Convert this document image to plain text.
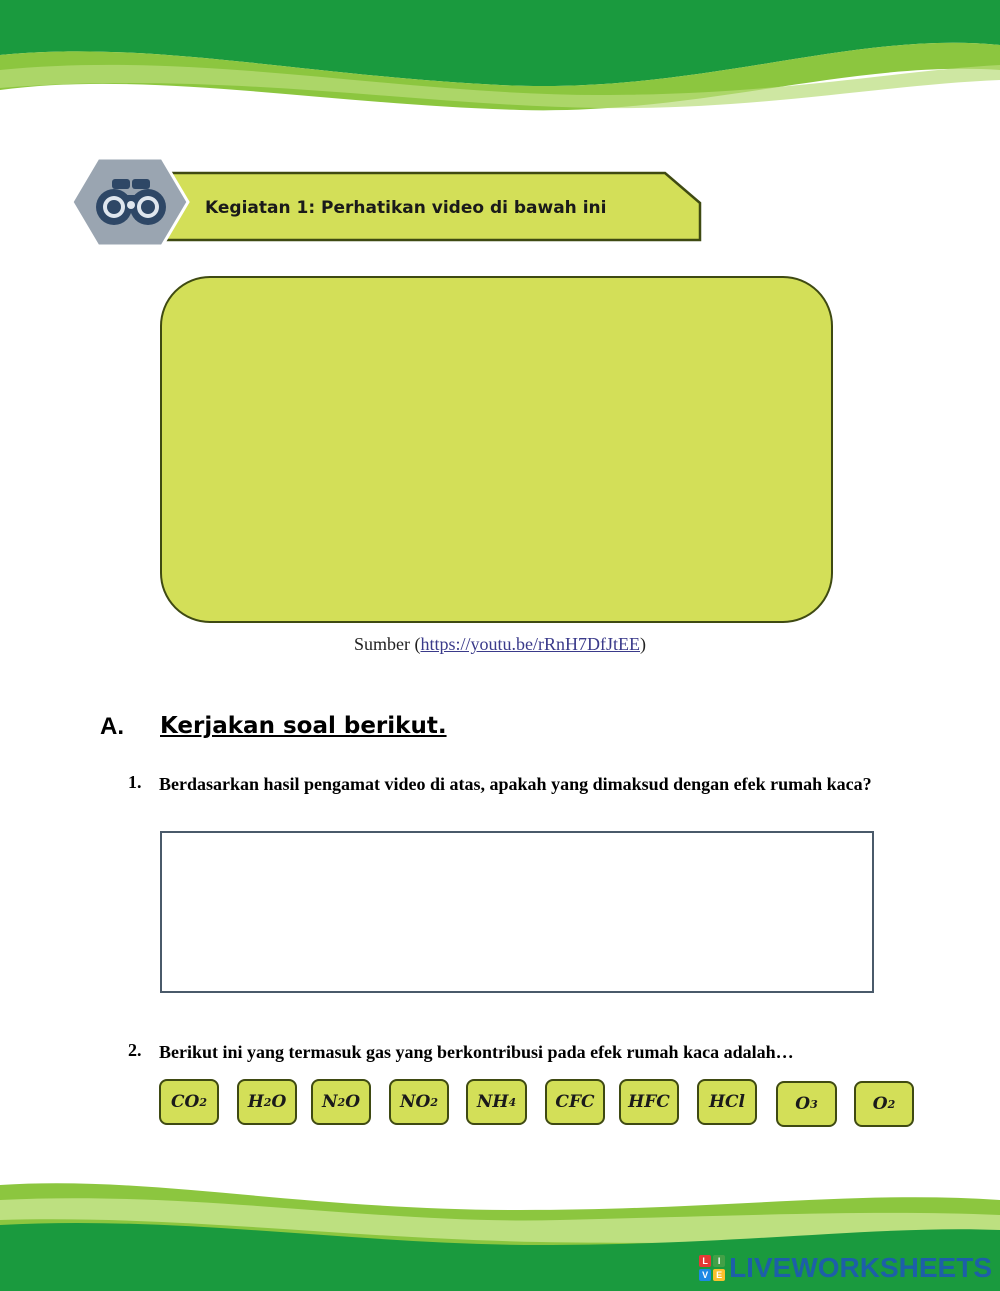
Kegiatan 1: Perhatikan video di bawah ini
Sumber (https://youtu.be/rRnH7DfJtEE)
A. Kerjakan soal berikut.
1. Berdasarkan hasil pengamat video di atas, apakah yang dimaksud dengan efek rumah kaca?
2. Berikut ini yang termasuk gas yang berkontribusi pada efek rumah kaca adalah…
CO 2 H 2 O N 2 O NO 2 NH 4 CFC HFC HCl	O 3	O 2
L	I
V E LIVEWORKSHEETS
